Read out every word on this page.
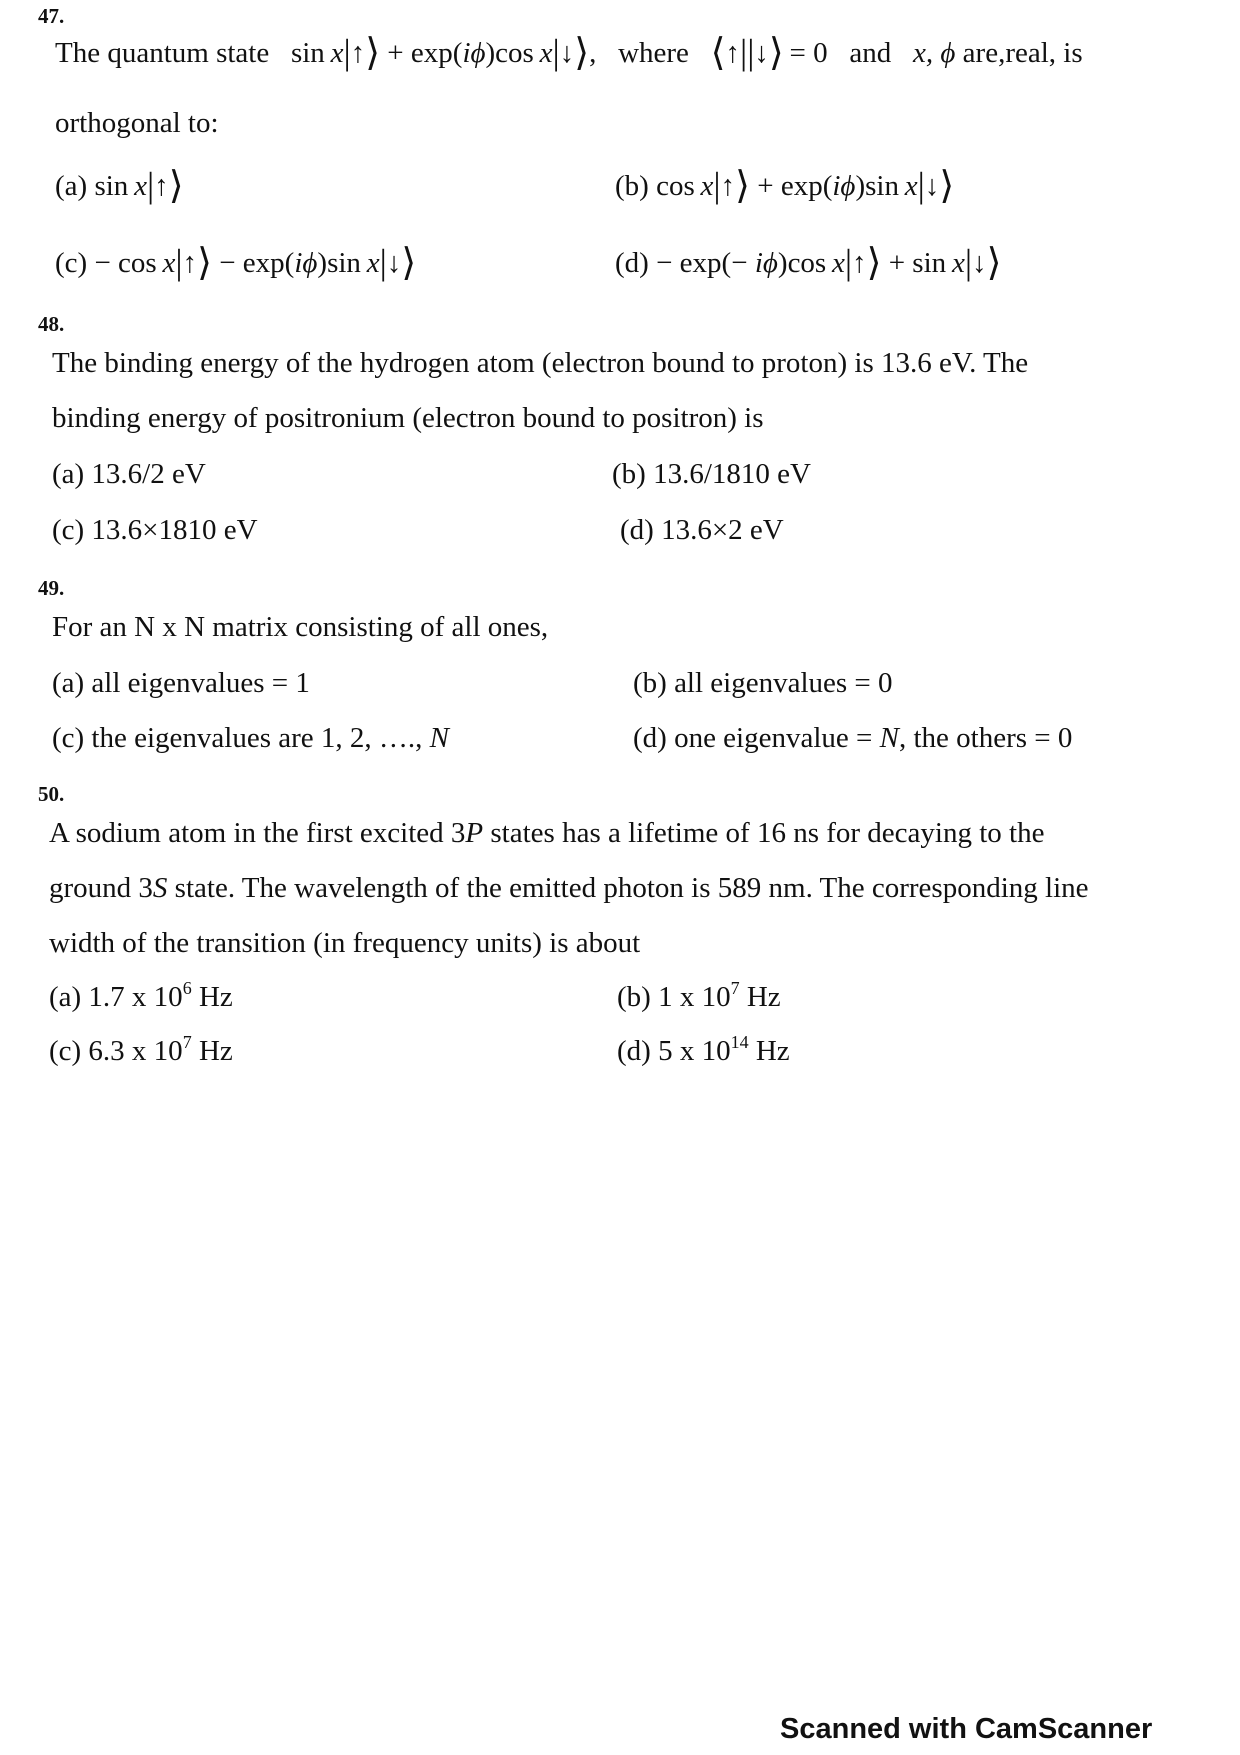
47.
The quantum state   sin x|↑⟩ + exp(iϕ)cos x|↓⟩,   where ⟨↑||↓⟩  = 0 and x, ϕ are,real, is
orthogonal to:
(a) sin x|↑⟩	(b) cos x|↑⟩ + exp(iϕ)sin x|↓⟩
(c) − cos x|↑⟩ − exp(iϕ)sin x|↓⟩	(d) − exp(− iϕ)cos x|↑⟩ + sin x|↓⟩
48.
The binding energy of the hydrogen atom (electron bound to proton) is 13.6 eV. The
binding energy of positronium (electron bound to positron) is
(a) 13.6/2 eV	(b) 13.6/1810 eV
(c) 13.6×1810 eV	(d) 13.6×2 eV
49.
For an N x N matrix consisting of all ones,
(a) all eigenvalues = 1	(b) all eigenvalues = 0
(c) the eigenvalues are 1, 2, …., N	(d) one eigenvalue = N, the others = 0
50.
A sodium atom in the first excited 3P states has a lifetime of 16 ns for decaying to the
ground 3S state. The wavelength of the emitted photon is 589 nm. The corresponding line
width of the transition (in frequency units) is about
(a) 1.7 x $10^6$ Hz	(b) 1 x $10^7$ Hz
(c) 6.3 x $10^7$ Hz	(d) 5 x $10^{14}$ Hz
Scanned with CamScanner
